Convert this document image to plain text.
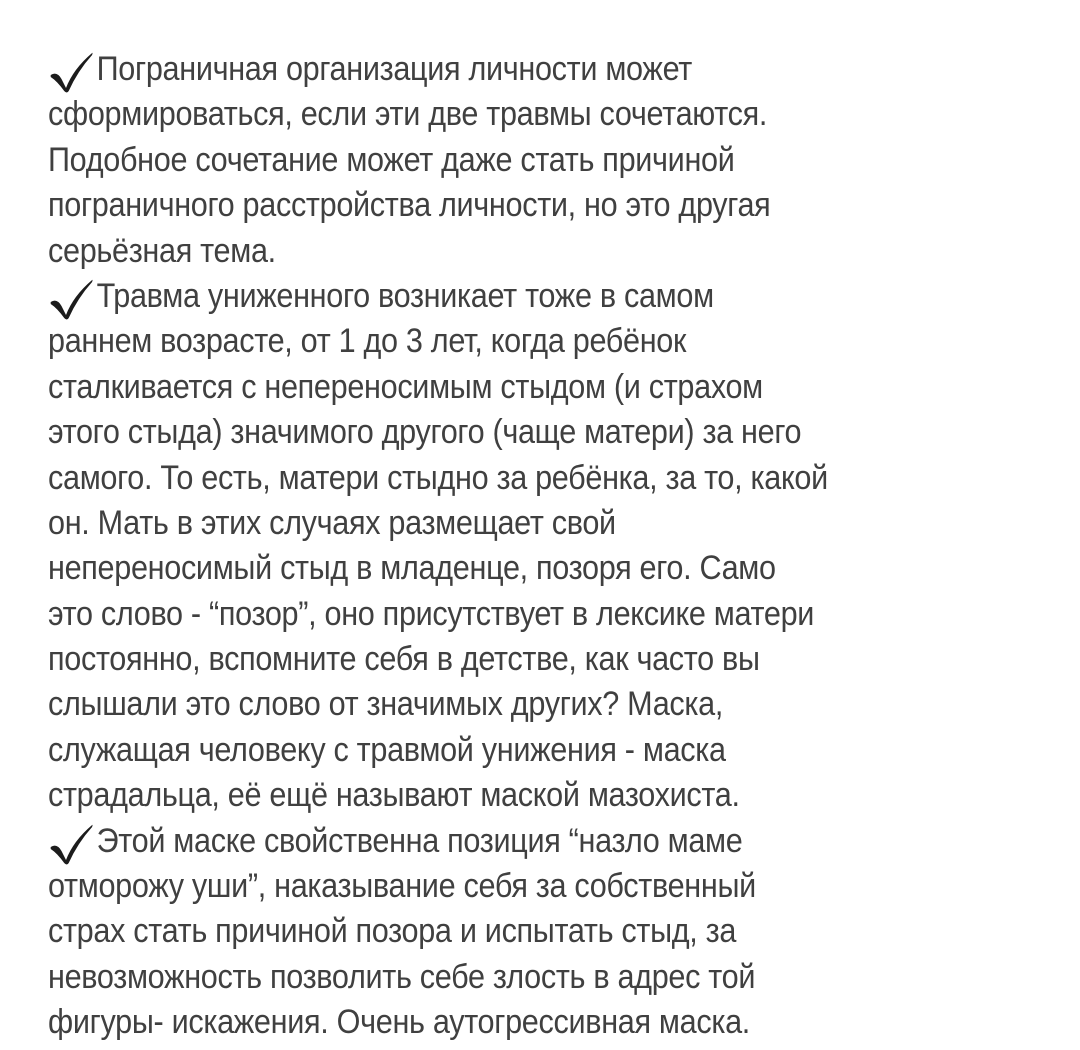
Пограничная организация личности может
сформироваться, если эти две травмы сочетаются.
Подобное сочетание может даже стать причиной
пограничного расстройства личности, но это другая
серьёзная тема.
Травма униженного возникает тоже в самом
раннем возрасте, от 1 до 3 лет, когда ребёнок
сталкивается с непереносимым стыдом (и страхом
этого стыда) значимого другого (чаще матери) за него
самого. То есть, матери стыдно за ребёнка, за то, какой
он. Мать в этих случаях размещает свой
непереносимый стыд в младенце, позоря его. Само
это слово - “позор”, оно присутствует в лексике матери
постоянно, вспомните себя в детстве, как часто вы
слышали это слово от значимых других? Маска,
служащая человеку с травмой унижения - маска
страдальца, её ещё называют маской мазохиста.
Этой маске свойственна позиция “назло маме
отморожу уши”, наказывание себя за собственный
страх стать причиной позора и испытать стыд, за
невозможность позволить себе злость в адрес той
фигуры- искажения. Очень аутогрессивная маска.
